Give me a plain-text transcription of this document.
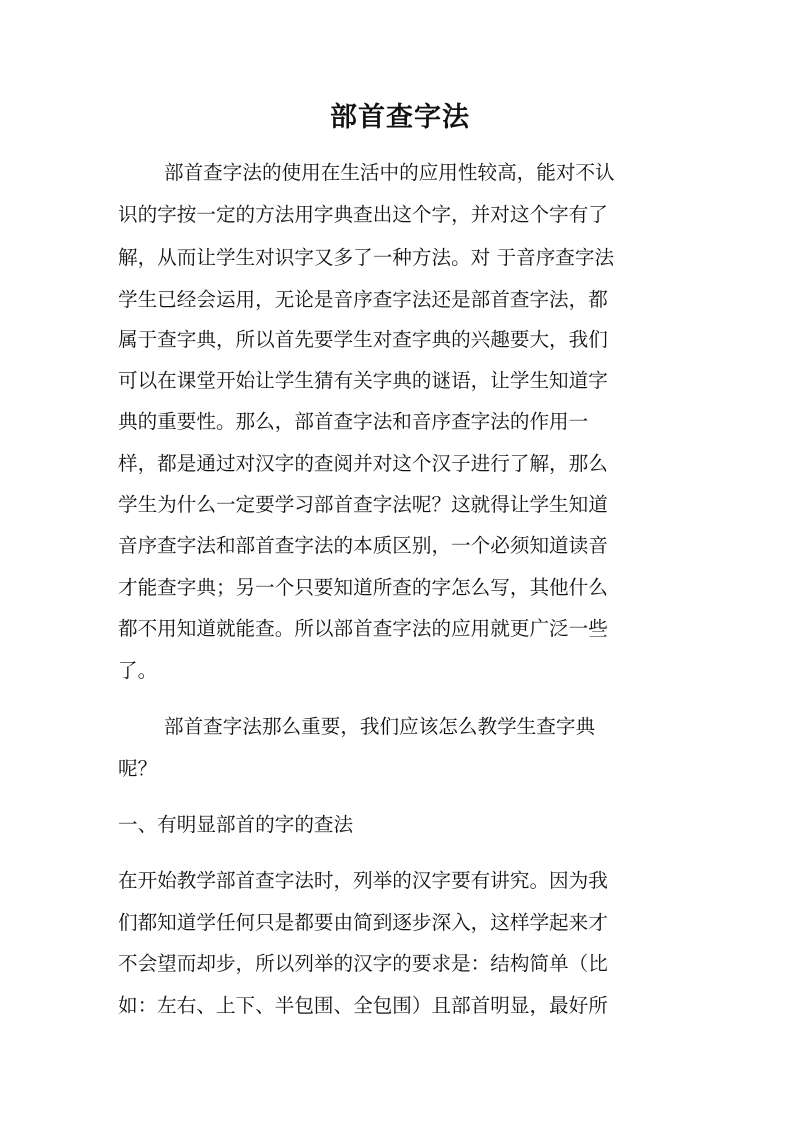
部首查字法
部首查字法的使用在生活中的应用性较高，能对不认
识的字按一定的方法用字典查出这个字，并对这个字有了
解，从而让学生对识字又多了一种方法。对 于音序查字法
学生已经会运用，无论是音序查字法还是部首查字法，都
属于查字典，所以首先要学生对查字典的兴趣要大，我们
可以在课堂开始让学生猜有关字典的谜语，让学生知道字
典的重要性。那么，部首查字法和音序查字法的作用一
样，都是通过对汉字的查阅并对这个汉子进行了解，那么
学生为什么一定要学习部首查字法呢？这就得让学生知道
音序查字法和部首查字法的本质区别，一个必须知道读音
才能查字典；另一个只要知道所查的字怎么写，其他什么
都不用知道就能查。所以部首查字法的应用就更广泛一些
了。
部首查字法那么重要，我们应该怎么教学生查字典
呢？
一、有明显部首的字的查法
在开始教学部首查字法时，列举的汉字要有讲究。因为我
们都知道学任何只是都要由简到逐步深入，这样学起来才
不会望而却步，所以列举的汉字的要求是：结构简单（比
如：左右、上下、半包围、全包围）且部首明显，最好所
